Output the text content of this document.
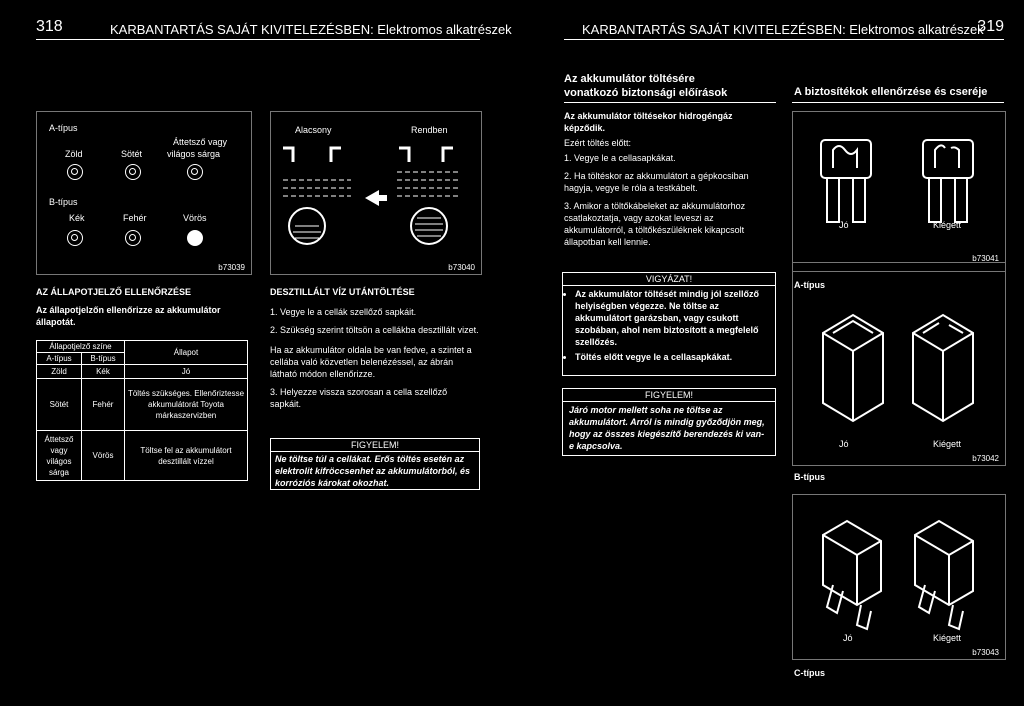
318	KARBANTARTÁS SAJÁT KIVITELEZÉSBEN: Elektromos alkatrészek	KARBANTARTÁS SAJÁT KIVITELEZÉSBEN: Elektromos alkatrészek
319
A-típus
Zöld	Sötét
Áttetsző vagy
világos sárga
B-típus
Kék	Fehér	Vörös
b73039
Alacsony	Rendben
b73040
AZ ÁLLAPOTJELZŐ ELLENŐRZÉSE
Az állapotjelzőn ellenőrizze az akkumulátor állapotát.
Állapotjelző színe		Állapot
A-típus	B-típus	
Zöld	Kék	Jó
Sötét	Fehér	Töltés szükséges. Ellenőriztesse akkumulátorát Toyota márkaszervizben
Áttetsző vagy világos sárga	Vörös	Töltse fel az akkumulátort desztillált vízzel
DESZTILLÁLT VÍZ UTÁNTÖLTÉSE
1. Vegye le a cellák szellőző sapkáit.
2. Szükség szerint töltsön a cellákba desztillált vizet.
Ha az akkumulátor oldala be van fedve, a szintet a cellába való közvetlen belenézéssel, az ábrán látható módon ellenőrizze.
3. Helyezze vissza szorosan a cella szellőző sapkáit.
FIGYELEM!
Ne töltse túl a cellákat. Erős töltés esetén az elektrolit kifröccsenhet az akkumulátorból, és korróziós károkat okozhat.
Az akkumulátor töltésére
vonatkozó biztonsági előírások
Az akkumulátor töltésekor hidrogéngáz képződik.
Ezért töltés előtt:
1. Vegye le a cellasapkákat.
2. Ha töltéskor az akkumulátort a gépkocsiban hagyja, vegye le róla a testkábelt.
3. Amikor a töltőkábeleket az akkumulátorhoz csatlakoztatja, vagy azokat leveszi az akkumulátorról, a töltőkészüléknek kikapcsolt állapotban kell lennie.
VIGYÁZAT!
• Az akkumulátor töltését mindig jól szellőző helyiségben végezze. Ne töltse az akkumulátort garázsban, vagy csukott szobában, ahol nem biztosított a megfelelő szellőzés.
• Töltés előtt vegye le a cellasapkákat.
FIGYELEM!
Járó motor mellett soha ne töltse az akkumulátort. Arról is mindig győződjön meg, hogy az összes kiegészítő berendezés ki van-e kapcsolva.
A biztosítékok ellenőrzése és cseréje
Jó	Kiégett
A-típus
Jó	Kiégett
b73042
b73041
B-típus
Jó	Kiégett
b73043
C-típus
